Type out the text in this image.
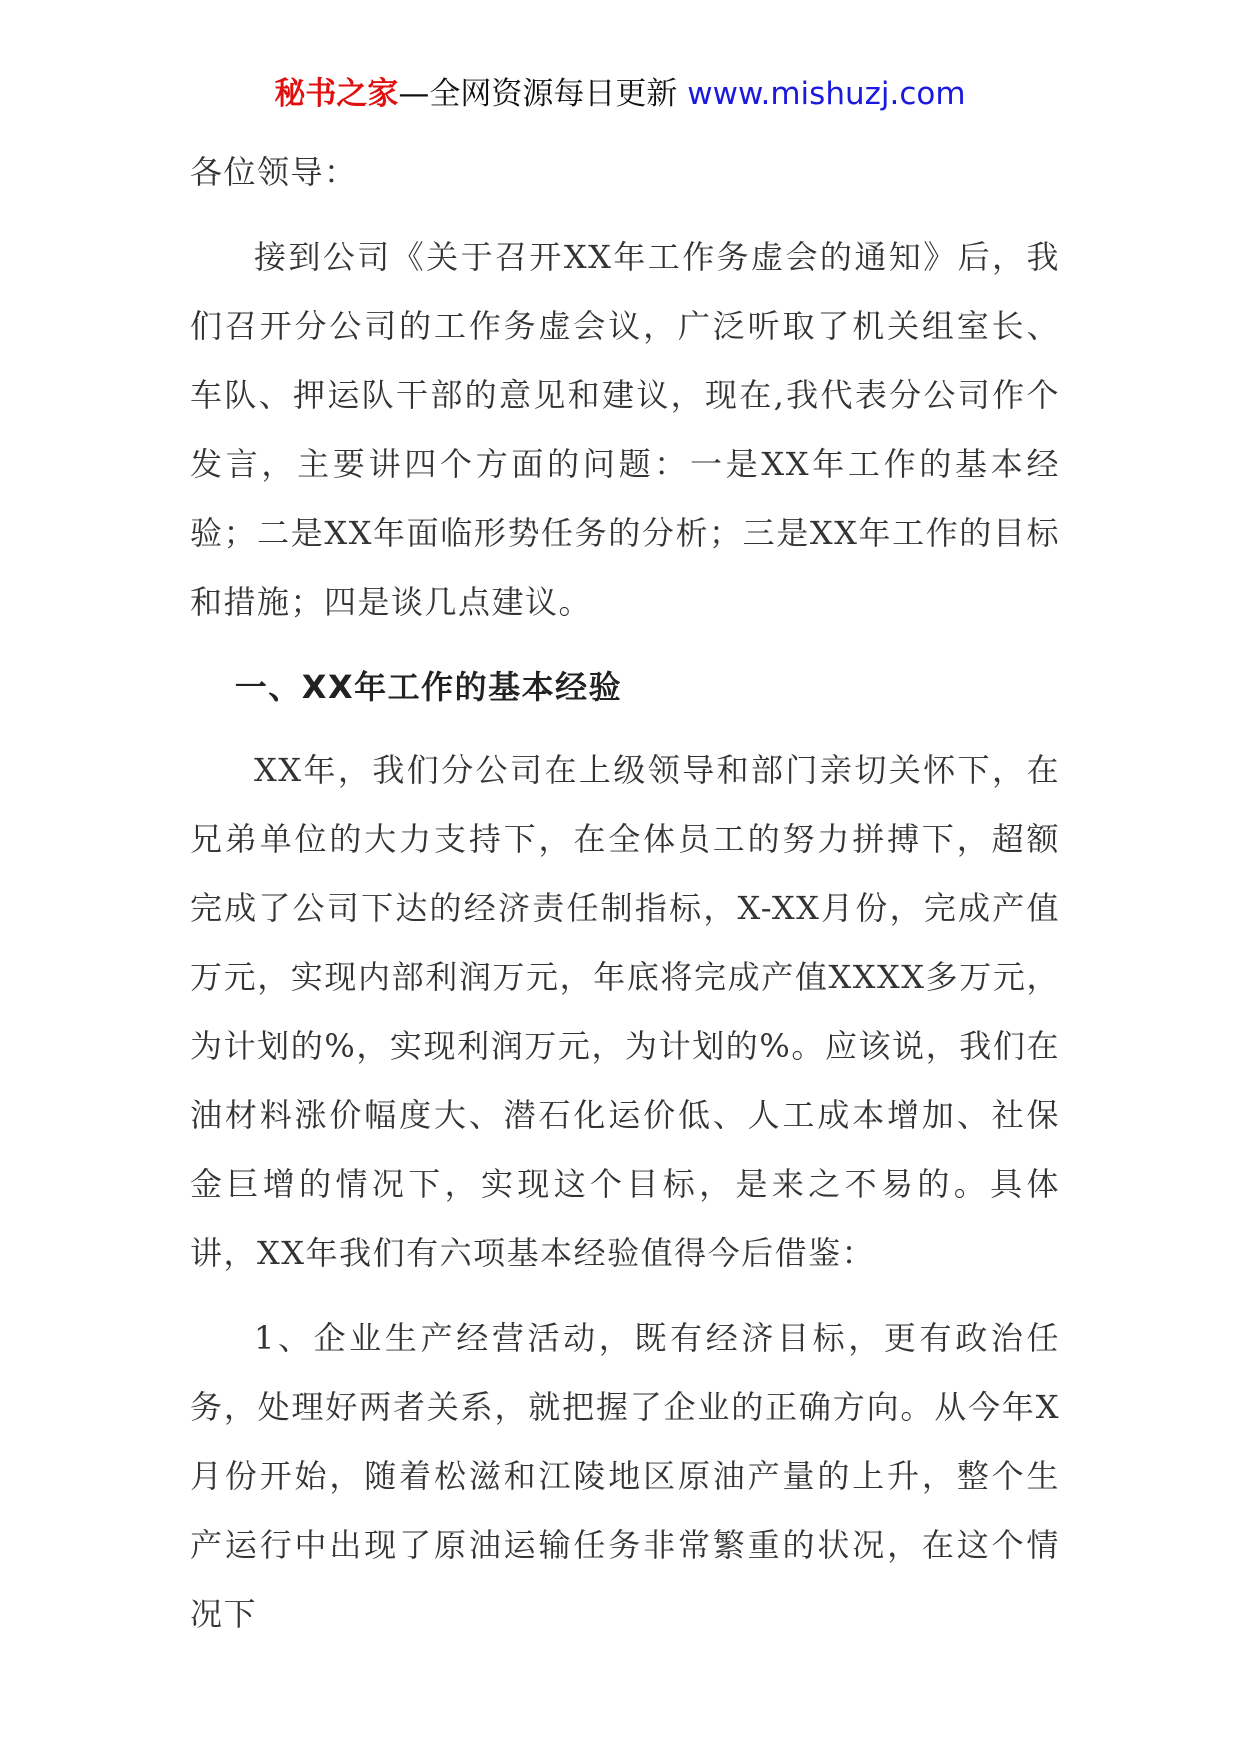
秘书之家—全网资源每日更新 www.mishuzj.com

各位领导：

接到公司《关于召开XX年工作务虚会的通知》后，我们召开分公司的工作务虚会议，广泛听取了机关组室长、车队、押运队干部的意见和建议，现在,我代表分公司作个发言，主要讲四个方面的问题：一是XX年工作的基本经验；二是XX年面临形势任务的分析；三是XX年工作的目标和措施；四是谈几点建议。

一、XX年工作的基本经验

XX年，我们分公司在上级领导和部门亲切关怀下，在兄弟单位的大力支持下，在全体员工的努力拼搏下，超额完成了公司下达的经济责任制指标，X-XX月份，完成产值万元，实现内部利润万元，年底将完成产值XXXX多万元，为计划的%，实现利润万元，为计划的%。应该说，我们在油材料涨价幅度大、潜石化运价低、人工成本增加、社保金巨增的情况下，实现这个目标，是来之不易的。具体讲，XX年我们有六项基本经验值得今后借鉴：

1、企业生产经营活动，既有经济目标，更有政治任务，处理好两者关系，就把握了企业的正确方向。从今年X月份开始，随着松滋和江陵地区原油产量的上升，整个生产运行中出现了原油运输任务非常繁重的状况，在这个情况下
